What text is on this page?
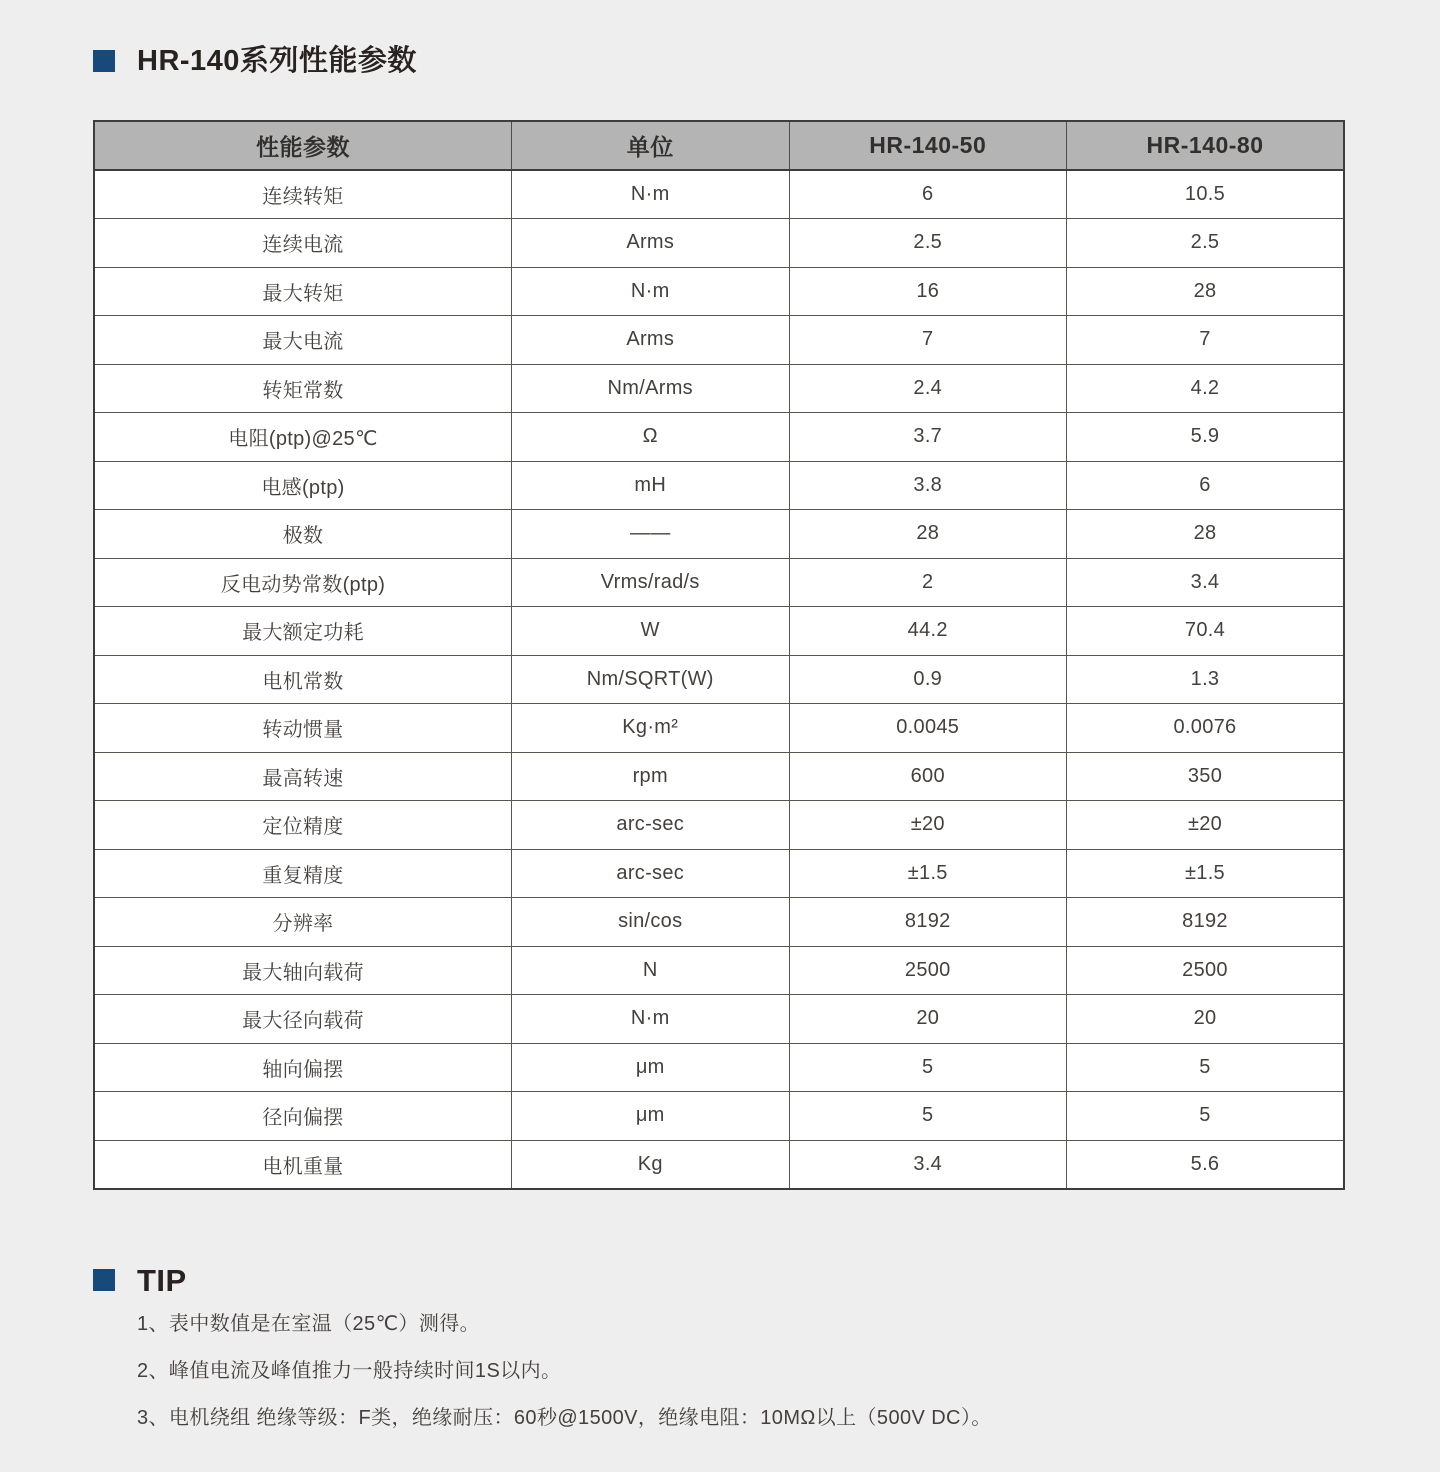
HR-140系列性能参数
性能参数	单位	HR-140-50	HR-140-80
连续转矩	N·m	6	10.5
连续电流	Arms	2.5	2.5
最大转矩	N·m	16	28
最大电流	Arms	7	7
转矩常数	Nm/Arms	2.4	4.2
电阻(ptp)@25℃	Ω	3.7	5.9
电感(ptp)	mH	3.8	6
极数	——	28	28
反电动势常数(ptp)	Vrms/rad/s	2	3.4
最大额定功耗	W	44.2	70.4
电机常数	Nm/SQRT(W)	0.9	1.3
转动惯量	Kg·m²	0.0045	0.0076
最高转速	rpm	600	350
定位精度	arc-sec	±20	±20
重复精度	arc-sec	±1.5	±1.5
分辨率	sin/cos	8192	8192
最大轴向载荷	N	2500	2500
最大径向载荷	N·m	20	20
轴向偏摆	μm	5	5
径向偏摆	μm	5	5
电机重量	Kg	3.4	5.6
TIP

1、表中数值是在室温（25℃）测得。

2、峰值电流及峰值推力一般持续时间1S以内。

3、电机绕组 绝缘等级：F类，绝缘耐压：60秒@1500V，绝缘电阻：10MΩ以上（500V DC）。
